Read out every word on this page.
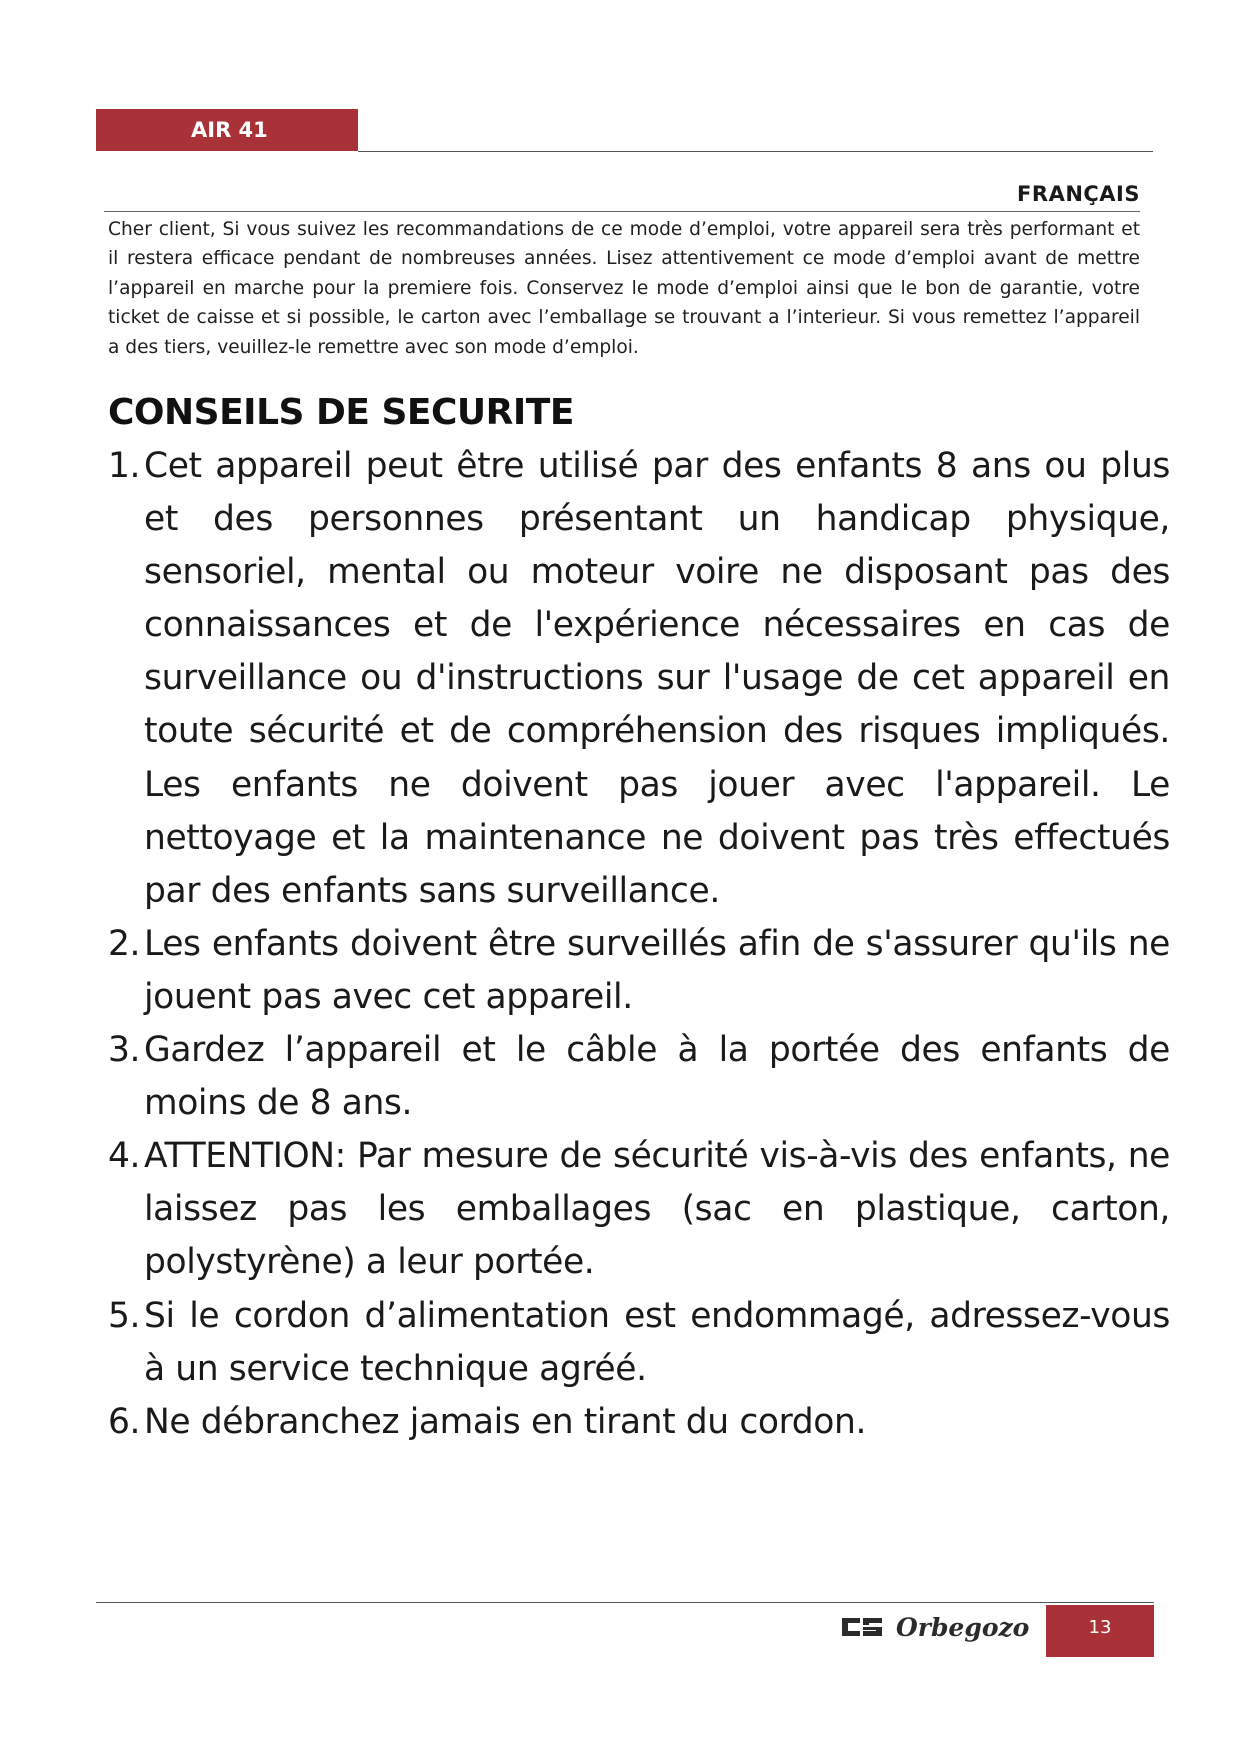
AIR 41
FRANÇAIS

Cher client, Si vous suivez les recommandations de ce mode d’emploi, votre appareil sera très performant et il restera efficace pendant de nombreuses années. Lisez attentivement ce mode d’emploi avant de mettre l’appareil en marche pour la premiere fois. Conservez le mode d’emploi ainsi que le bon de garantie, votre ticket de caisse et si possible, le carton avec l’emballage se trouvant a l’interieur. Si vous remettez l’appareil a des tiers, veuillez-le remettre avec son mode d’emploi.

CONSEILS DE SECURITE
1. Cet appareil peut être utilisé par des enfants 8 ans ou plus et des personnes présentant un handicap physique, sensoriel, mental ou moteur voire ne disposant pas des connaissances et de l'expérience nécessaires en cas de surveillance ou d'instructions sur l'usage de cet appareil en toute sécurité et de compréhension des risques impliqués. Les enfants ne doivent pas jouer avec l'appareil. Le nettoyage et la maintenance ne doivent pas très effectués par des enfants sans surveillance.
2. Les enfants doivent être surveillés afin de s'assurer qu'ils ne jouent pas avec cet appareil.
3. Gardez l’appareil et le câble à la portée des enfants de moins de 8 ans.
4. ATTENTION: Par mesure de sécurité vis-à-vis des enfants, ne laissez pas les emballages (sac en plastique, carton, polystyrène) a leur portée.
5. Si le cordon d’alimentation est endommagé, adressez-vous à un service technique agréé.
6. Ne débranchez jamais en tirant du cordon.
Orbegozo	13
